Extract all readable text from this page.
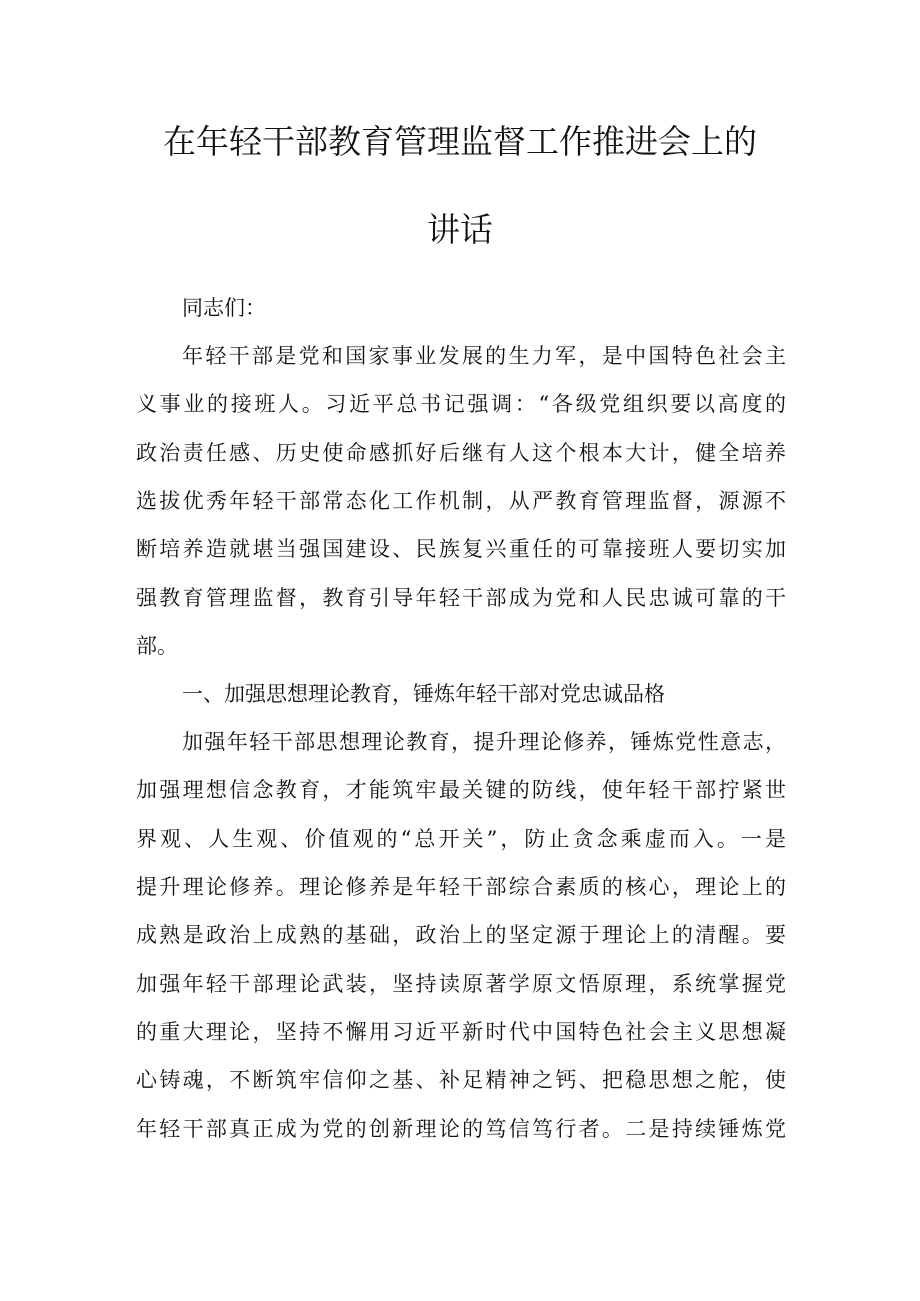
在年轻干部教育管理监督工作推进会上的
讲话
同志们：
年轻干部是党和国家事业发展的生力军，是中国特色社会主
义事业的接班人。习近平总书记强调：“各级党组织要以高度的
政治责任感、历史使命感抓好后继有人这个根本大计，健全培养
选拔优秀年轻干部常态化工作机制，从严教育管理监督，源源不
断培养造就堪当强国建设、民族复兴重任的可靠接班人要切实加
强教育管理监督，教育引导年轻干部成为党和人民忠诚可靠的干
部。
一、加强思想理论教育，锤炼年轻干部对党忠诚品格
加强年轻干部思想理论教育，提升理论修养，锤炼党性意志，
加强理想信念教育，才能筑牢最关键的防线，使年轻干部拧紧世
界观、人生观、价值观的“总开关”，防止贪念乘虚而入。一是
提升理论修养。理论修养是年轻干部综合素质的核心，理论上的
成熟是政治上成熟的基础，政治上的坚定源于理论上的清醒。要
加强年轻干部理论武装，坚持读原著学原文悟原理，系统掌握党
的重大理论，坚持不懈用习近平新时代中国特色社会主义思想凝
心铸魂，不断筑牢信仰之基、补足精神之钙、把稳思想之舵，使
年轻干部真正成为党的创新理论的笃信笃行者。二是持续锤炼党
